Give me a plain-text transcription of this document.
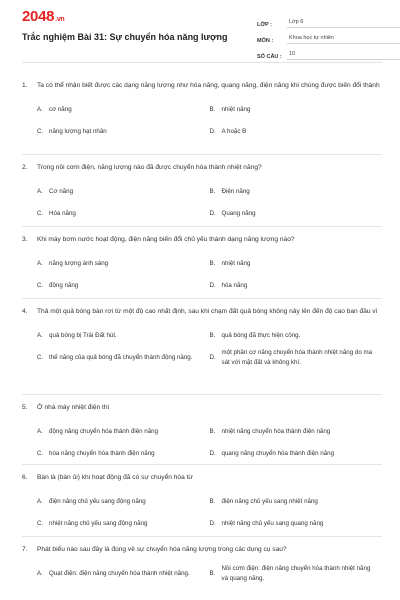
2048.vn
Trắc nghiệm Bài 31: Sự chuyển hóa năng lượng
LỚP :	Lớp 6
MÔN :	Khoa học tự nhiên
SỐ CÂU :	10
1.	Ta có thể nhận biết được các dạng năng lượng như hóa năng, quang năng, điện năng khi chúng được biến đổi thành
A. cơ năng	B. nhiệt năng
C. năng lượng hạt nhân	D. A hoặc B
2.	Trong nồi cơm điện, năng lượng nào đã được chuyển hóa thành nhiệt năng?
A. Cơ năng	B. Điện năng
C. Hóa năng	D. Quang năng
3.	Khi máy bơm nước hoạt động, điện năng biến đổi chủ yếu thành dạng năng lượng nào?
A. năng lượng ánh sáng	B. nhiệt năng
C. động năng	D. hóa năng
4.	Thả một quả bóng bàn rơi từ một độ cao nhất định, sau khi chạm đất quả bóng không nảy lên đến độ cao ban đầu vì
A. quả bóng bị Trái Đất hút.	B. quả bóng đã thực hiện công.
C. thế năng của quả bóng đã chuyển thành động năng.	D.
một phần cơ năng chuyển hóa thành nhiệt năng do ma sát với mặt đất và không khí.
5.	Ở nhà máy nhiệt điện thì
A. động năng chuyển hóa thành điện năng	B. nhiệt năng chuyển hóa thành điện năng
C. hóa năng chuyển hóa thành điện năng	D. quang năng chuyển hóa thành điện năng
6.	Bàn là (bàn ủi) khi hoạt động đã có sự chuyển hóa từ
A. điện năng chủ yếu sang động năng	B. điện năng chủ yếu sang nhiệt năng
C. nhiệt năng chủ yếu sang động năng	D. nhiệt năng chủ yếu sang quang năng
7.	Phát biểu nào sau đây là đúng về sự chuyển hóa năng lượng trong các dụng cụ sau?
A. Quạt điện: điện năng chuyển hóa thành nhiệt năng.	B.
Nồi cơm điện: điện năng chuyển hóa thành nhiệt năng và quang năng.
